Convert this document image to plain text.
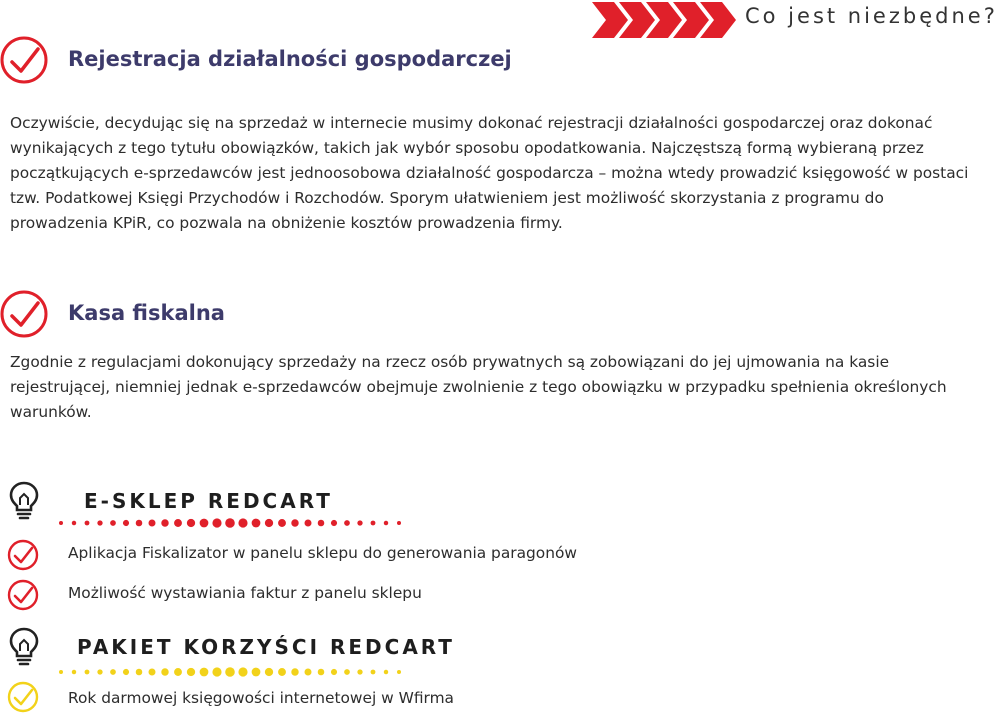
Co jest niezbędne?
Rejestracja działalności gospodarczej
Oczywiście, decydując się na sprzedaż w internecie musimy dokonać rejestracji działalności gospodarczej oraz dokonać
wynikających z tego tytułu obowiązków, takich jak wybór sposobu opodatkowania. Najczęstszą formą wybieraną przez
początkujących e-sprzedawców jest jednoosobowa działalność gospodarcza – można wtedy prowadzić księgowość w postaci
tzw. Podatkowej Księgi Przychodów i Rozchodów. Sporym ułatwieniem jest możliwość skorzystania z programu do
prowadzenia KPiR, co pozwala na obniżenie kosztów prowadzenia firmy.
Kasa fiskalna
Zgodnie z regulacjami dokonujący sprzedaży na rzecz osób prywatnych są zobowiązani do jej ujmowania na kasie
rejestrującej, niemniej jednak e-sprzedawców obejmuje zwolnienie z tego obowiązku w przypadku spełnienia określonych
warunków.
E-SKLEP REDCART
Aplikacja Fiskalizator w panelu sklepu do generowania paragonów
Możliwość wystawiania faktur z panelu sklepu
PAKIET KORZYŚCI REDCART
Rok darmowej księgowości internetowej w Wfirma
